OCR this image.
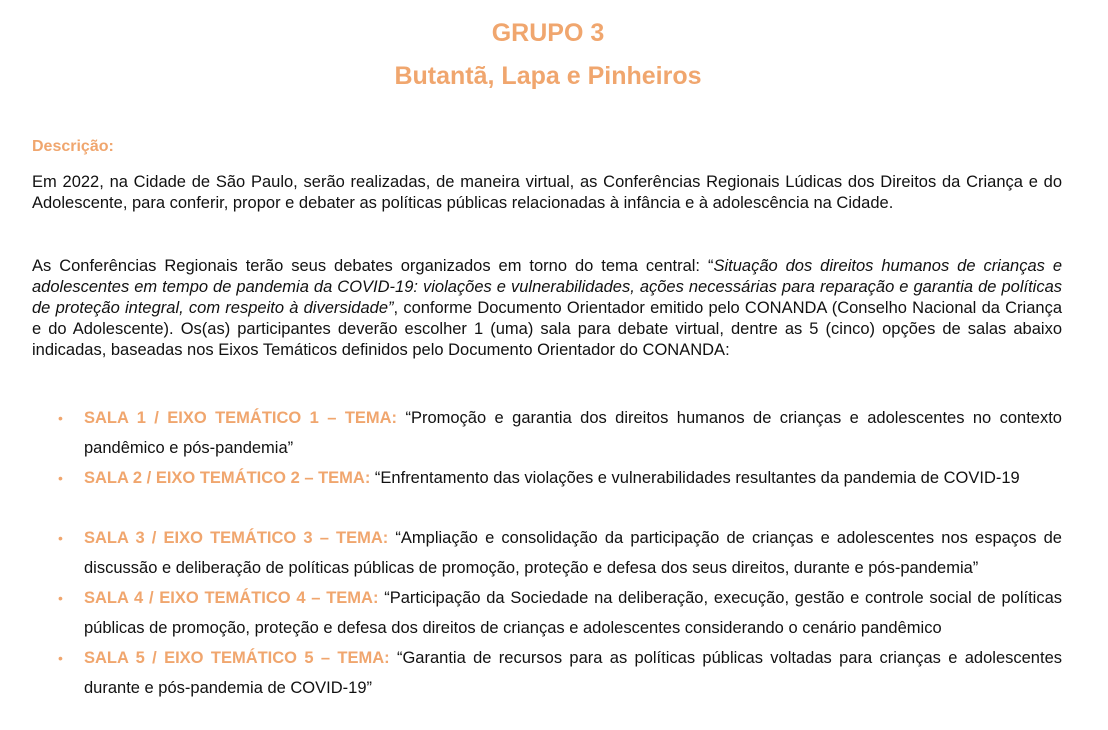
GRUPO 3
Butantã, Lapa e Pinheiros

Descrição:

Em 2022, na Cidade de São Paulo, serão realizadas, de maneira virtual, as Conferências Regionais Lúdicas dos Direitos da Criança e do Adolescente, para conferir, propor e debater as políticas públicas relacionadas à infância e à adolescência na Cidade.

As Conferências Regionais terão seus debates organizados em torno do tema central: “Situação dos direitos humanos de crianças e adolescentes em tempo de pandemia da COVID-19: violações e vulnerabilidades, ações necessárias para reparação e garantia de políticas de proteção integral, com respeito à diversidade”, conforme Documento Orientador emitido pelo CONANDA (Conselho Nacional da Criança e do Adolescente). Os(as) participantes deverão escolher 1 (uma) sala para debate virtual, dentre as 5 (cinco) opções de salas abaixo indicadas, baseadas nos Eixos Temáticos definidos pelo Documento Orientador do CONANDA:

• SALA 1 / EIXO TEMÁTICO 1 – TEMA: “Promoção e garantia dos direitos humanos de crianças e adolescentes no contexto pandêmico e pós-pandemia”
• SALA 2 / EIXO TEMÁTICO 2 – TEMA: “Enfrentamento das violações e vulnerabilidades resultantes da pandemia de COVID-19
• SALA 3 / EIXO TEMÁTICO 3 – TEMA: “Ampliação e consolidação da participação de crianças e adolescentes nos espaços de discussão e deliberação de políticas públicas de promoção, proteção e defesa dos seus direitos, durante e pós-pandemia”
• SALA 4 / EIXO TEMÁTICO 4 – TEMA: “Participação da Sociedade na deliberação, execução, gestão e controle social de políticas públicas de promoção, proteção e defesa dos direitos de crianças e adolescentes considerando o cenário pandêmico
• SALA 5 / EIXO TEMÁTICO 5 – TEMA: “Garantia de recursos para as políticas públicas voltadas para crianças e adolescentes durante e pós-pandemia de COVID-19”
